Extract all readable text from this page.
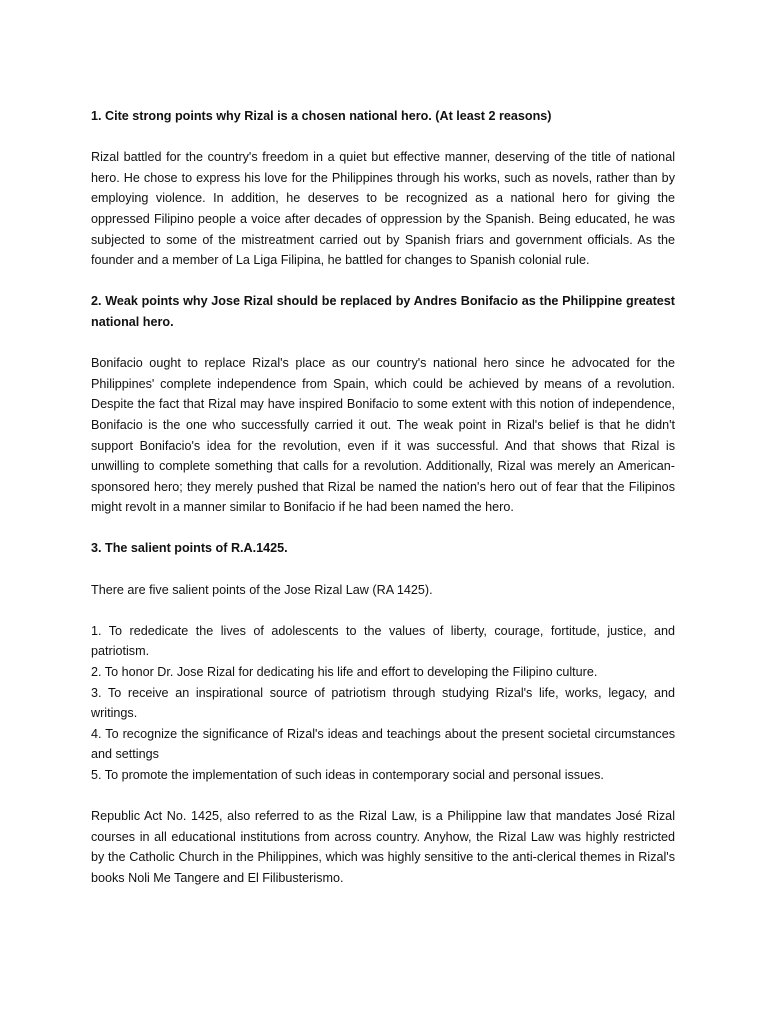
1. Cite strong points why Rizal is a chosen national hero. (At least 2 reasons)

Rizal battled for the country's freedom in a quiet but effective manner, deserving of the title of national hero. He chose to express his love for the Philippines through his works, such as novels, rather than by employing violence. In addition, he deserves to be recognized as a national hero for giving the oppressed Filipino people a voice after decades of oppression by the Spanish. Being educated, he was subjected to some of the mistreatment carried out by Spanish friars and government officials. As the founder and a member of La Liga Filipina, he battled for changes to Spanish colonial rule.

2. Weak points why Jose Rizal should be replaced by Andres Bonifacio as the Philippine greatest national hero.

Bonifacio ought to replace Rizal's place as our country's national hero since he advocated for the Philippines' complete independence from Spain, which could be achieved by means of a revolution. Despite the fact that Rizal may have inspired Bonifacio to some extent with this notion of independence, Bonifacio is the one who successfully carried it out. The weak point in Rizal's belief is that he didn't support Bonifacio's idea for the revolution, even if it was successful. And that shows that Rizal is unwilling to complete something that calls for a revolution. Additionally, Rizal was merely an American-sponsored hero; they merely pushed that Rizal be named the nation's hero out of fear that the Filipinos might revolt in a manner similar to Bonifacio if he had been named the hero.

3. The salient points of R.A.1425.

There are five salient points of the Jose Rizal Law (RA 1425).

1. To rededicate the lives of adolescents to the values of liberty, courage, fortitude, justice, and patriotism.

2. To honor Dr. Jose Rizal for dedicating his life and effort to developing the Filipino culture.

3. To receive an inspirational source of patriotism through studying Rizal's life, works, legacy, and writings.

4. To recognize the significance of Rizal's ideas and teachings about the present societal circumstances and settings

5. To promote the implementation of such ideas in contemporary social and personal issues.

Republic Act No. 1425, also referred to as the Rizal Law, is a Philippine law that mandates José Rizal courses in all educational institutions from across country. Anyhow, the Rizal Law was highly restricted by the Catholic Church in the Philippines, which was highly sensitive to the anti-clerical themes in Rizal's books Noli Me Tangere and El Filibusterismo.
